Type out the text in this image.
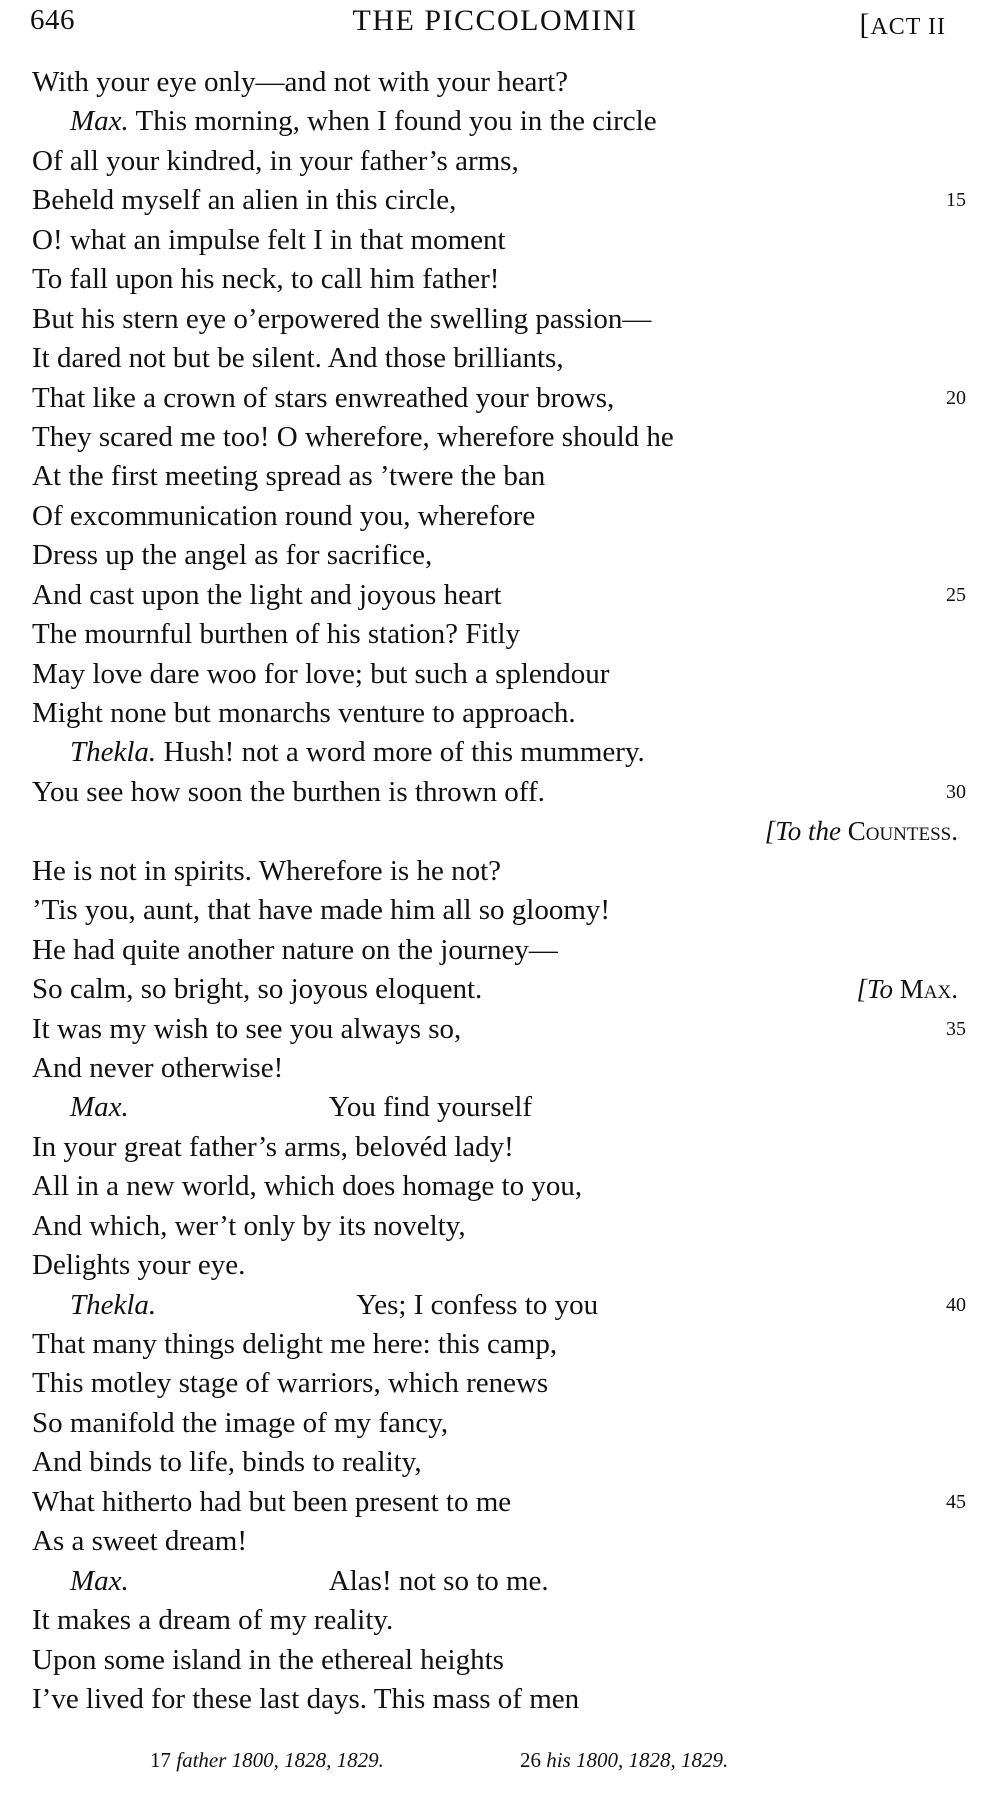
646	THE PICCOLOMINI	[ACT II
With your eye only—and not with your heart?
Max. This morning, when I found you in the circle
Of all your kindred, in your father’s arms,
Beheld myself an alien in this circle,	15
O! what an impulse felt I in that moment
To fall upon his neck, to call him father!
But his stern eye o’erpowered the swelling passion—
It dared not but be silent. And those brilliants,
That like a crown of stars enwreathed your brows,	20
They scared me too! O wherefore, wherefore should he
At the first meeting spread as ’twere the ban
Of excommunication round you, wherefore
Dress up the angel as for sacrifice,
And cast upon the light and joyous heart	25
The mournful burthen of his station? Fitly
May love dare woo for love; but such a splendour
Might none but monarchs venture to approach.
Thekla. Hush! not a word more of this mummery.
You see how soon the burthen is thrown off.	30
[To the Countess.
He is not in spirits. Wherefore is he not?
’Tis you, aunt, that have made him all so gloomy!
He had quite another nature on the journey—
So calm, so bright, so joyous eloquent.	[To Max.
It was my wish to see you always so,	35
And never otherwise!
Max.	You find yourself
In your great father’s arms, belovéd lady!
All in a new world, which does homage to you,
And which, wer’t only by its novelty,
Delights your eye.
Thekla.	Yes; I confess to you	40
That many things delight me here: this camp,
This motley stage of warriors, which renews
So manifold the image of my fancy,
And binds to life, binds to reality,
What hitherto had but been present to me	45
As a sweet dream!
Max.	Alas! not so to me.
It makes a dream of my reality.
Upon some island in the ethereal heights
I’ve lived for these last days. This mass of men
17 father 1800, 1828, 1829.	26 his 1800, 1828, 1829.
